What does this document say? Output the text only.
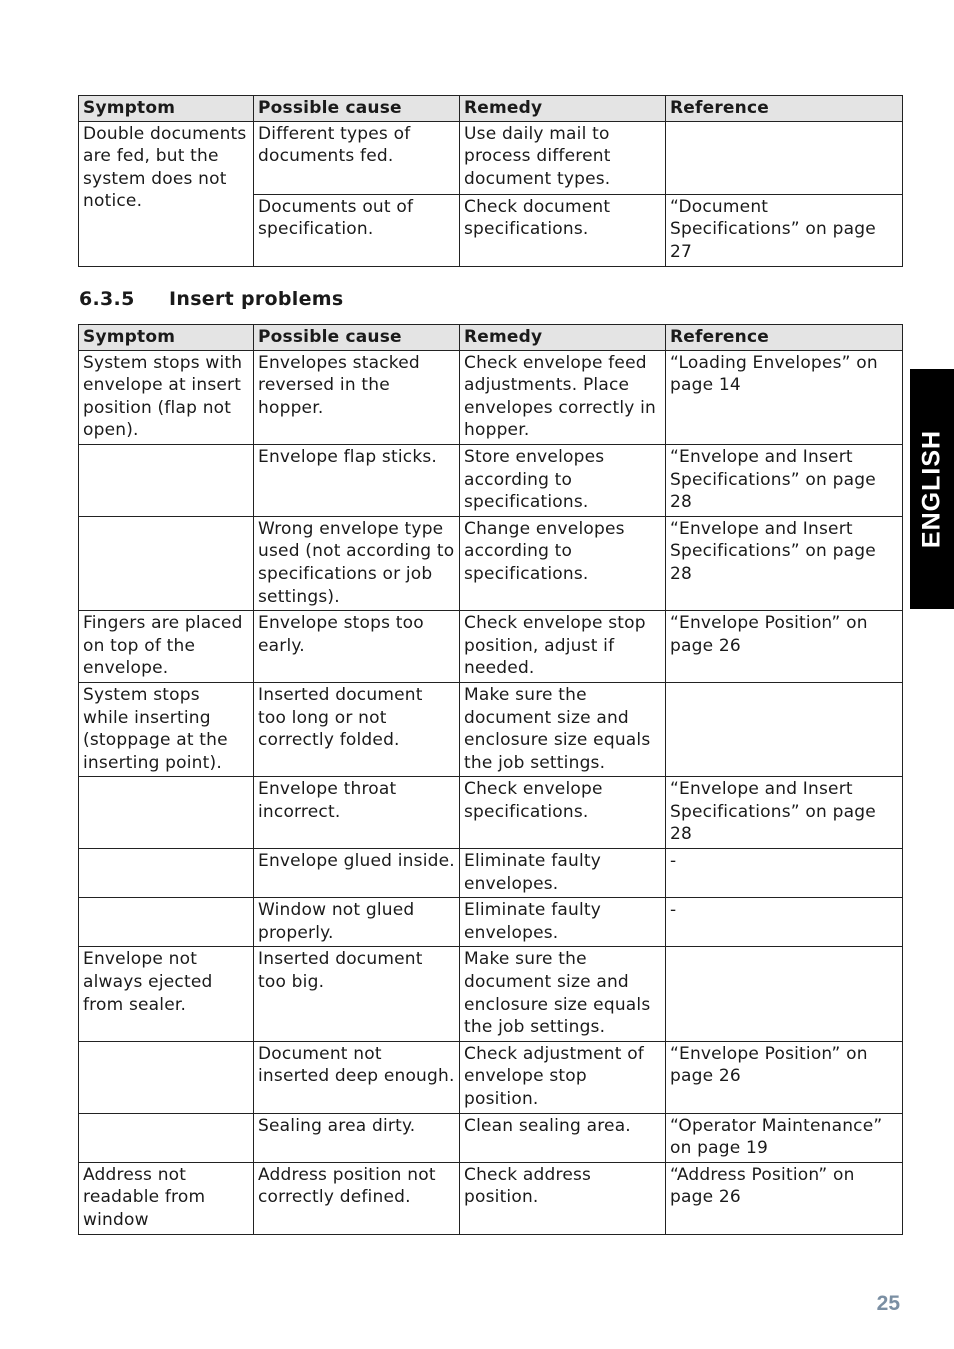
Symptom	Possible cause	Remedy	Reference
Double documents are fed, but the system does not notice.	Different types of documents fed.	Use daily mail to process different document types.	
	Documents out of specification.	Check document specifications.	“Document Specifications” on page 27
6.3.5 Insert problems
Symptom	Possible cause	Remedy	Reference
System stops with envelope at insert position (flap not open).	Envelopes stacked reversed in the hopper.	Check envelope feed adjustments. Place envelopes correctly in hopper.	“Loading Envelopes” on page 14
	Envelope flap sticks.	Store envelopes according to specifications.	“Envelope and Insert Specifications” on page 28
	Wrong envelope type used (not according to specifications or job settings).	Change envelopes according to specifications.	“Envelope and Insert Specifications” on page 28
Fingers are placed on top of the envelope.	Envelope stops too early.	Check envelope stop position, adjust if needed.	“Envelope Position” on page 26
System stops while inserting (stoppage at the inserting point).	Inserted document too long or not correctly folded.	Make sure the document size and enclosure size equals the job settings.	
	Envelope throat incorrect.	Check envelope specifications.	“Envelope and Insert Specifications” on page 28
	Envelope glued inside.	Eliminate faulty envelopes.	-
	Window not glued properly.	Eliminate faulty envelopes.	-
Envelope not always ejected from sealer.	Inserted document too big.	Make sure the document size and enclosure size equals the job settings.	
	Document not inserted deep enough.	Check adjustment of envelope stop position.	“Envelope Position” on page 26
	Sealing area dirty.	Clean sealing area.	“Operator Maintenance” on page 19
Address not readable from window	Address position not correctly defined.	Check address position.	“Address Position” on page 26
ENGLISH
25
